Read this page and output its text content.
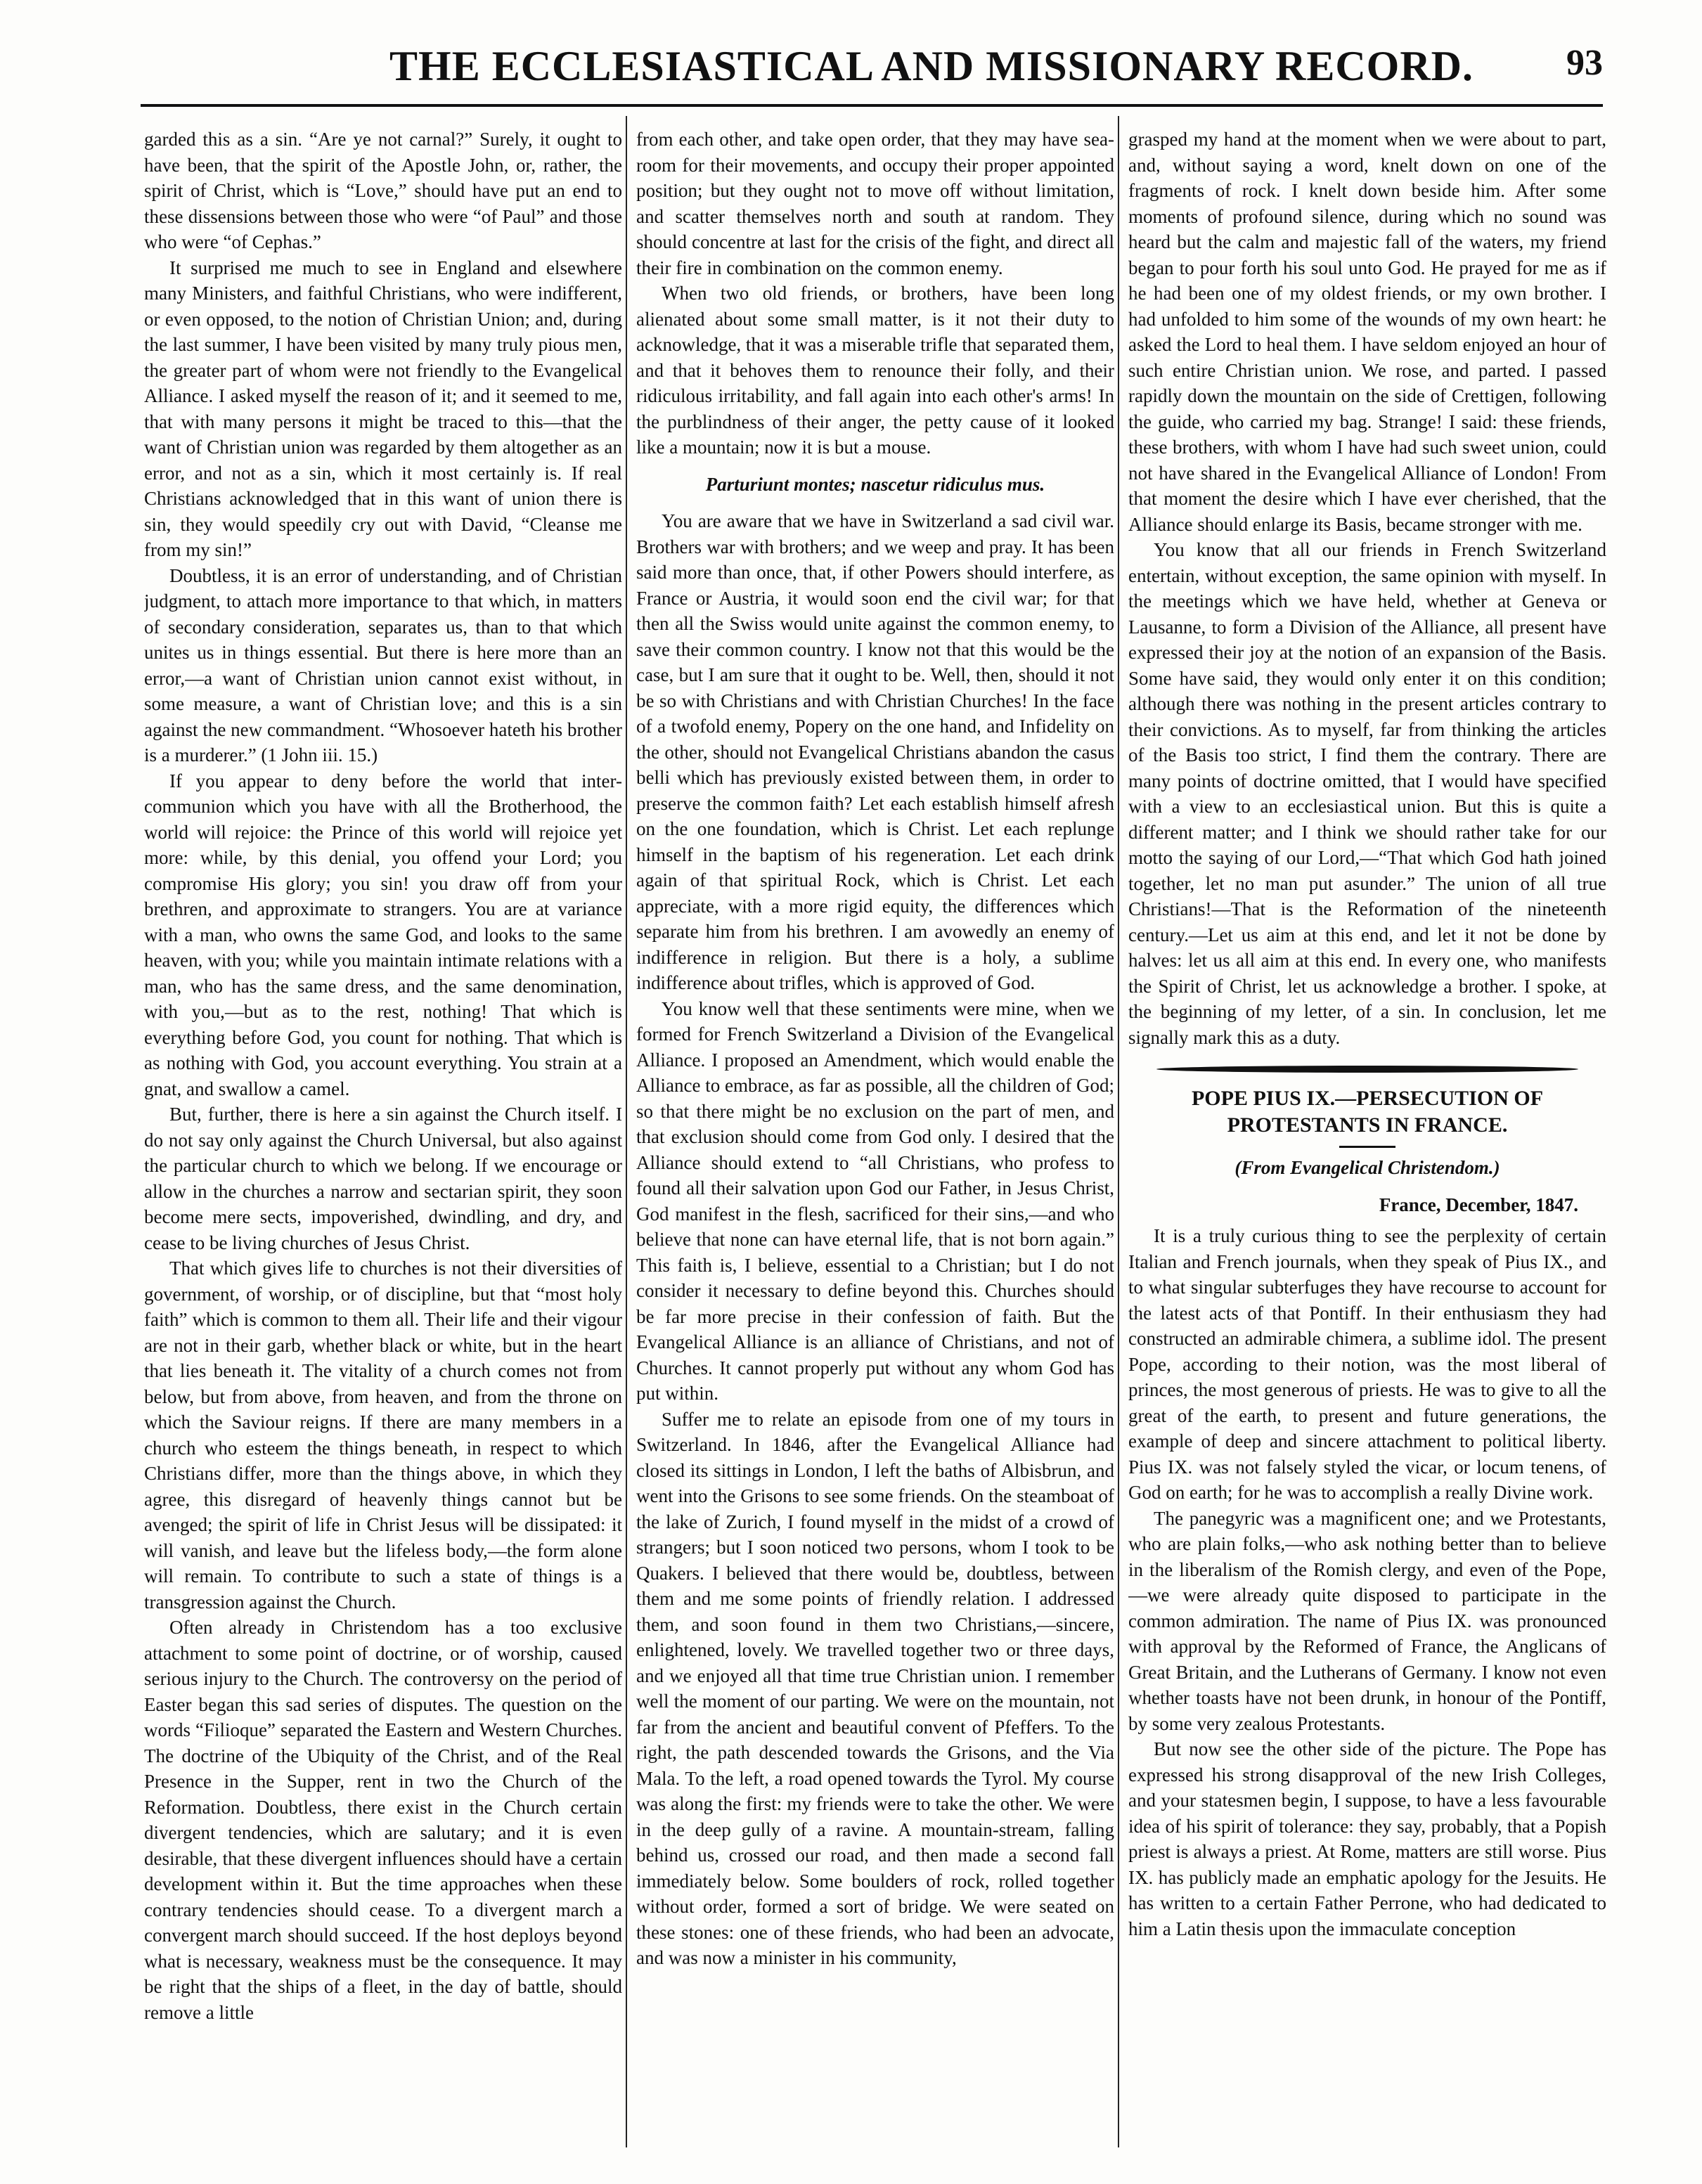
THE ECCLESIASTICAL AND MISSIONARY RECORD.	93

garded this as a sin. “Are ye not carnal?” Surely, it ought to have been, that the spirit of the Apostle John, or, rather, the spirit of Christ, which is “Love,” should have put an end to these dissensions between those who were “of Paul” and those who were “of Cephas.”

It surprised me much to see in England and elsewhere many Ministers, and faithful Christians, who were indifferent, or even opposed, to the notion of Christian Union; and, during the last summer, I have been visited by many truly pious men, the greater part of whom were not friendly to the Evangelical Alliance. I asked myself the reason of it; and it seemed to me, that with many persons it might be traced to this—that the want of Christian union was regarded by them altogether as an error, and not as a sin, which it most certainly is. If real Christians acknowledged that in this want of union there is sin, they would speedily cry out with David, “Cleanse me from my sin!”

Doubtless, it is an error of understanding, and of Christian judgment, to attach more importance to that which, in matters of secondary consideration, separates us, than to that which unites us in things essential. But there is here more than an error,—a want of Christian union cannot exist without, in some measure, a want of Christian love; and this is a sin against the new commandment. “Whosoever hateth his brother is a murderer.” (1 John iii. 15.)

If you appear to deny before the world that inter-communion which you have with all the Brotherhood, the world will rejoice: the Prince of this world will rejoice yet more: while, by this denial, you offend your Lord; you compromise His glory; you sin! you draw off from your brethren, and approximate to strangers. You are at variance with a man, who owns the same God, and looks to the same heaven, with you; while you maintain intimate relations with a man, who has the same dress, and the same denomination, with you,—but as to the rest, nothing! That which is everything before God, you count for nothing. That which is as nothing with God, you account everything. You strain at a gnat, and swallow a camel.

But, further, there is here a sin against the Church itself. I do not say only against the Church Universal, but also against the particular church to which we belong. If we encourage or allow in the churches a narrow and sectarian spirit, they soon become mere sects, impoverished, dwindling, and dry, and cease to be living churches of Jesus Christ.

That which gives life to churches is not their diversities of government, of worship, or of discipline, but that “most holy faith” which is common to them all. Their life and their vigour are not in their garb, whether black or white, but in the heart that lies beneath it. The vitality of a church comes not from below, but from above, from heaven, and from the throne on which the Saviour reigns. If there are many members in a church who esteem the things beneath, in respect to which Christians differ, more than the things above, in which they agree, this disregard of heavenly things cannot but be avenged; the spirit of life in Christ Jesus will be dissipated: it will vanish, and leave but the lifeless body,—the form alone will remain. To contribute to such a state of things is a transgression against the Church.

Often already in Christendom has a too exclusive attachment to some point of doctrine, or of worship, caused serious injury to the Church. The controversy on the period of Easter began this sad series of disputes. The question on the words “Filioque” separated the Eastern and Western Churches. The doctrine of the Ubiquity of the Christ, and of the Real Presence in the Supper, rent in two the Church of the Reformation. Doubtless, there exist in the Church certain divergent tendencies, which are salutary; and it is even desirable, that these divergent influences should have a certain development within it. But the time approaches when these contrary tendencies should cease. To a divergent march a convergent march should succeed. If the host deploys beyond what is necessary, weakness must be the consequence. It may be right that the ships of a fleet, in the day of battle, should remove a little

from each other, and take open order, that they may have sea-room for their movements, and occupy their proper appointed position; but they ought not to move off without limitation, and scatter themselves north and south at random. They should concentre at last for the crisis of the fight, and direct all their fire in combination on the common enemy.

When two old friends, or brothers, have been long alienated about some small matter, is it not their duty to acknowledge, that it was a miserable trifle that separated them, and that it behoves them to renounce their folly, and their ridiculous irritability, and fall again into each other's arms! In the purblindness of their anger, the petty cause of it looked like a mountain; now it is but a mouse.

Parturiunt montes; nascetur ridiculus mus.

You are aware that we have in Switzerland a sad civil war. Brothers war with brothers; and we weep and pray. It has been said more than once, that, if other Powers should interfere, as France or Austria, it would soon end the civil war; for that then all the Swiss would unite against the common enemy, to save their common country. I know not that this would be the case, but I am sure that it ought to be. Well, then, should it not be so with Christians and with Christian Churches! In the face of a twofold enemy, Popery on the one hand, and Infidelity on the other, should not Evangelical Christians abandon the casus belli which has previously existed between them, in order to preserve the common faith? Let each establish himself afresh on the one foundation, which is Christ. Let each replunge himself in the baptism of his regeneration. Let each drink again of that spiritual Rock, which is Christ. Let each appreciate, with a more rigid equity, the differences which separate him from his brethren. I am avowedly an enemy of indifference in religion. But there is a holy, a sublime indifference about trifles, which is approved of God.

You know well that these sentiments were mine, when we formed for French Switzerland a Division of the Evangelical Alliance. I proposed an Amendment, which would enable the Alliance to embrace, as far as possible, all the children of God; so that there might be no exclusion on the part of men, and that exclusion should come from God only. I desired that the Alliance should extend to “all Christians, who profess to found all their salvation upon God our Father, in Jesus Christ, God manifest in the flesh, sacrificed for their sins,—and who believe that none can have eternal life, that is not born again.” This faith is, I believe, essential to a Christian; but I do not consider it necessary to define beyond this. Churches should be far more precise in their confession of faith. But the Evangelical Alliance is an alliance of Christians, and not of Churches. It cannot properly put without any whom God has put within.

Suffer me to relate an episode from one of my tours in Switzerland. In 1846, after the Evangelical Alliance had closed its sittings in London, I left the baths of Albisbrun, and went into the Grisons to see some friends. On the steamboat of the lake of Zurich, I found myself in the midst of a crowd of strangers; but I soon noticed two persons, whom I took to be Quakers. I believed that there would be, doubtless, between them and me some points of friendly relation. I addressed them, and soon found in them two Christians,—sincere, enlightened, lovely. We travelled together two or three days, and we enjoyed all that time true Christian union. I remember well the moment of our parting. We were on the mountain, not far from the ancient and beautiful convent of Pfeffers. To the right, the path descended towards the Grisons, and the Via Mala. To the left, a road opened towards the Tyrol. My course was along the first: my friends were to take the other. We were in the deep gully of a ravine. A mountain-stream, falling behind us, crossed our road, and then made a second fall immediately below. Some boulders of rock, rolled together without order, formed a sort of bridge. We were seated on these stones: one of these friends, who had been an advocate, and was now a minister in his community,

grasped my hand at the moment when we were about to part, and, without saying a word, knelt down on one of the fragments of rock. I knelt down beside him. After some moments of profound silence, during which no sound was heard but the calm and majestic fall of the waters, my friend began to pour forth his soul unto God. He prayed for me as if he had been one of my oldest friends, or my own brother. I had unfolded to him some of the wounds of my own heart: he asked the Lord to heal them. I have seldom enjoyed an hour of such entire Christian union. We rose, and parted. I passed rapidly down the mountain on the side of Crettigen, following the guide, who carried my bag. Strange! I said: these friends, these brothers, with whom I have had such sweet union, could not have shared in the Evangelical Alliance of London! From that moment the desire which I have ever cherished, that the Alliance should enlarge its Basis, became stronger with me.

You know that all our friends in French Switzerland entertain, without exception, the same opinion with myself. In the meetings which we have held, whether at Geneva or Lausanne, to form a Division of the Alliance, all present have expressed their joy at the notion of an expansion of the Basis. Some have said, they would only enter it on this condition; although there was nothing in the present articles contrary to their convictions. As to myself, far from thinking the articles of the Basis too strict, I find them the contrary. There are many points of doctrine omitted, that I would have specified with a view to an ecclesiastical union. But this is quite a different matter; and I think we should rather take for our motto the saying of our Lord,—“That which God hath joined together, let no man put asunder.” The union of all true Christians!—That is the Reformation of the nineteenth century.—Let us aim at this end, and let it not be done by halves: let us all aim at this end. In every one, who manifests the Spirit of Christ, let us acknowledge a brother. I spoke, at the beginning of my letter, of a sin. In conclusion, let me signally mark this as a duty.

POPE PIUS IX.—PERSECUTION OF PROTESTANTS IN FRANCE.
(From Evangelical Christendom.)
France, December, 1847.

It is a truly curious thing to see the perplexity of certain Italian and French journals, when they speak of Pius IX., and to what singular subterfuges they have recourse to account for the latest acts of that Pontiff. In their enthusiasm they had constructed an admirable chimera, a sublime idol. The present Pope, according to their notion, was the most liberal of princes, the most generous of priests. He was to give to all the great of the earth, to present and future generations, the example of deep and sincere attachment to political liberty. Pius IX. was not falsely styled the vicar, or locum tenens, of God on earth; for he was to accomplish a really Divine work.

The panegyric was a magnificent one; and we Protestants, who are plain folks,—who ask nothing better than to believe in the liberalism of the Romish clergy, and even of the Pope,—we were already quite disposed to participate in the common admiration. The name of Pius IX. was pronounced with approval by the Reformed of France, the Anglicans of Great Britain, and the Lutherans of Germany. I know not even whether toasts have not been drunk, in honour of the Pontiff, by some very zealous Protestants.

But now see the other side of the picture. The Pope has expressed his strong disapproval of the new Irish Colleges, and your statesmen begin, I suppose, to have a less favourable idea of his spirit of tolerance: they say, probably, that a Popish priest is always a priest. At Rome, matters are still worse. Pius IX. has publicly made an emphatic apology for the Jesuits. He has written to a certain Father Perrone, who had dedicated to him a Latin thesis upon the immaculate conception
